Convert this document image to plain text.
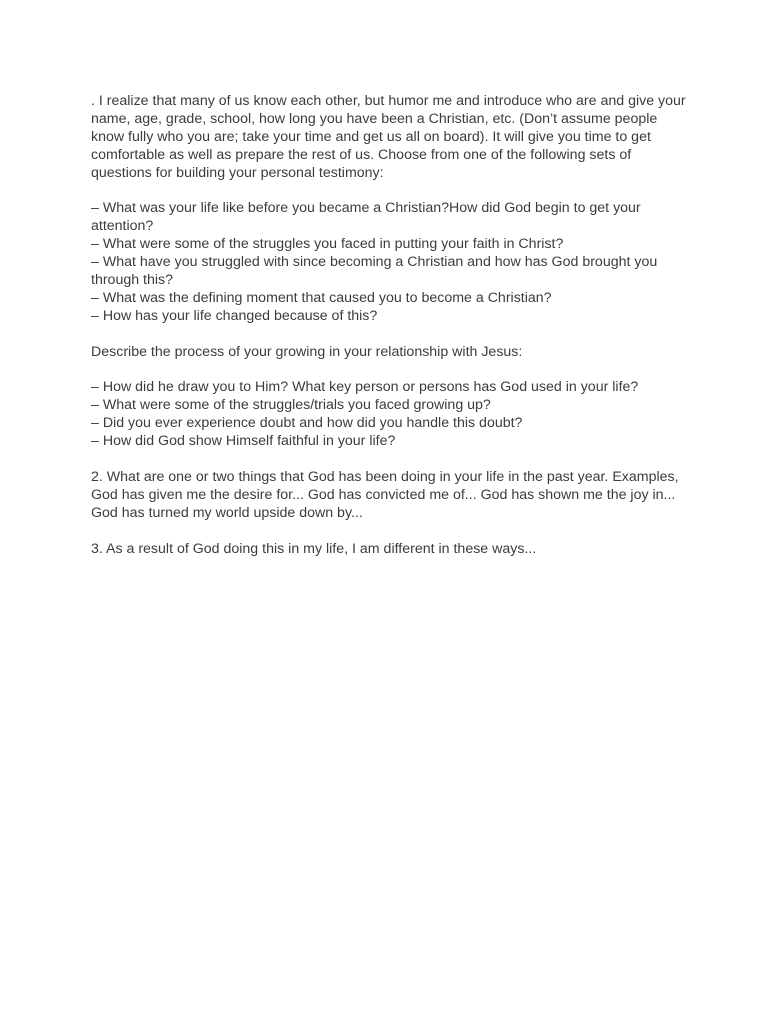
. I realize that many of us know each other, but humor me and introduce who are and give your name, age, grade, school, how long you have been a Christian, etc. (Don’t assume people know fully who you are; take your time and get us all on board). It will give you time to get comfortable as well as prepare the rest of us. Choose from one of the following sets of questions for building your personal testimony:

– What was your life like before you became a Christian?How did God begin to get your attention?

– What were some of the struggles you faced in putting your faith in Christ?

– What have you struggled with since becoming a Christian and how has God brought you through this?

– What was the defining moment that caused you to become a Christian?

– How has your life changed because of this?

Describe the process of your growing in your relationship with Jesus:

– How did he draw you to Him? What key person or persons has God used in your life?

– What were some of the struggles/trials you faced growing up?

– Did you ever experience doubt and how did you handle this doubt?

– How did God show Himself faithful in your life?

2. What are one or two things that God has been doing in your life in the past year. Examples, God has given me the desire for... God has convicted me of... God has shown me the joy in... God has turned my world upside down by...

3. As a result of God doing this in my life, I am different in these ways...
